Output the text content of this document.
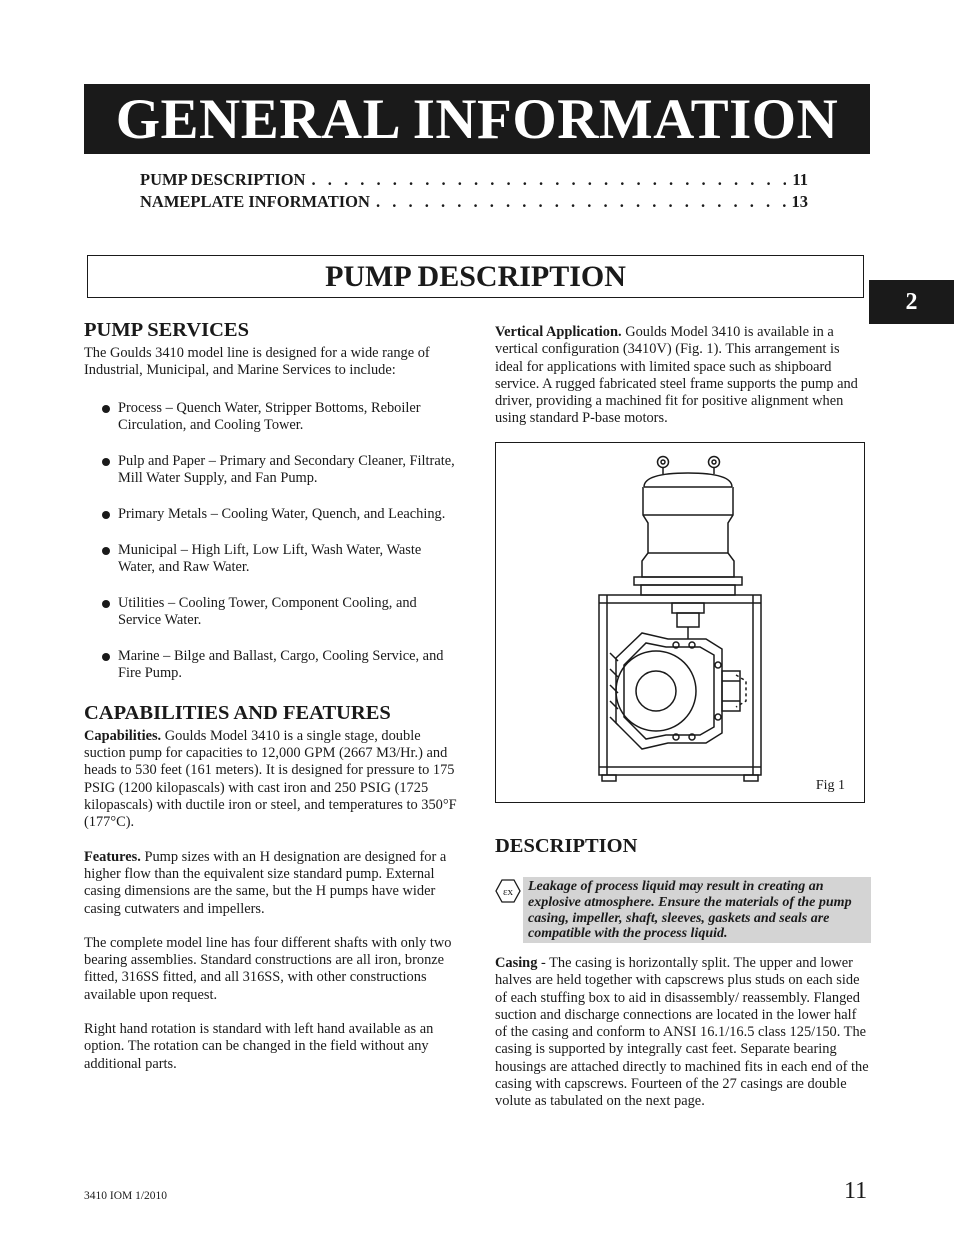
GENERAL INFORMATION
PUMP DESCRIPTION . . .	11
NAMEPLATE INFORMATION . . .	13
PUMP DESCRIPTION
2
PUMP SERVICES

The Goulds 3410 model line is designed for a wide range of Industrial, Municipal, and Marine Services to include:

Process – Quench Water, Stripper Bottoms, Reboiler Circulation, and Cooling Tower.
Pulp and Paper – Primary and Secondary Cleaner, Filtrate, Mill Water Supply, and Fan Pump.
Primary Metals – Cooling Water, Quench, and Leaching.
Municipal – High Lift, Low Lift, Wash Water, Waste Water, and Raw Water.
Utilities – Cooling Tower, Component Cooling, and Service Water.
Marine – Bilge and Ballast, Cargo, Cooling Service, and Fire Pump.
CAPABILITIES AND FEATURES

Capabilities. Goulds Model 3410 is a single stage, double suction pump for capacities to 12,000 GPM (2667 M3/Hr.) and heads to 530 feet (161 meters). It is designed for pressure to 175 PSIG (1200 kilopascals) with cast iron and 250 PSIG (1725 kilopascals) with ductile iron or steel, and temperatures to 350°F (177°C).

Features. Pump sizes with an H designation are designed for a higher flow than the equivalent size standard pump. External casing dimensions are the same, but the H pumps have wider casing cutwaters and impellers.

The complete model line has four different shafts with only two bearing assemblies. Standard constructions are all iron, bronze fitted, 316SS fitted, and all 316SS, with other constructions available upon request.

Right hand rotation is standard with left hand available as an option. The rotation can be changed in the field without any additional parts.

Vertical Application. Goulds Model 3410 is available in a vertical configuration (3410V) (Fig. 1). This arrangement is ideal for applications with limited space such as shipboard service. A rugged fabricated steel frame supports the pump and driver, providing a machined fit for positive alignment when using standard P-base motors.

Fig 1
DESCRIPTION
εx	Leakage of process liquid may result in creating an explosive atmosphere. Ensure the materials of the pump casing, impeller, shaft, sleeves, gaskets and seals are compatible with the process liquid.
Casing - The casing is horizontally split. The upper and lower halves are held together with capscrews plus studs on each side of each stuffing box to aid in disassembly/ reassembly. Flanged suction and discharge connections are located in the lower half of the casing and conform to ANSI 16.1/16.5 class 125/150. The casing is supported by integrally cast feet. Separate bearing housings are attached directly to machined fits in each end of the casing with capscrews. Fourteen of the 27 casings are double volute as tabulated on the next page.
3410 IOM 1/2010	11
